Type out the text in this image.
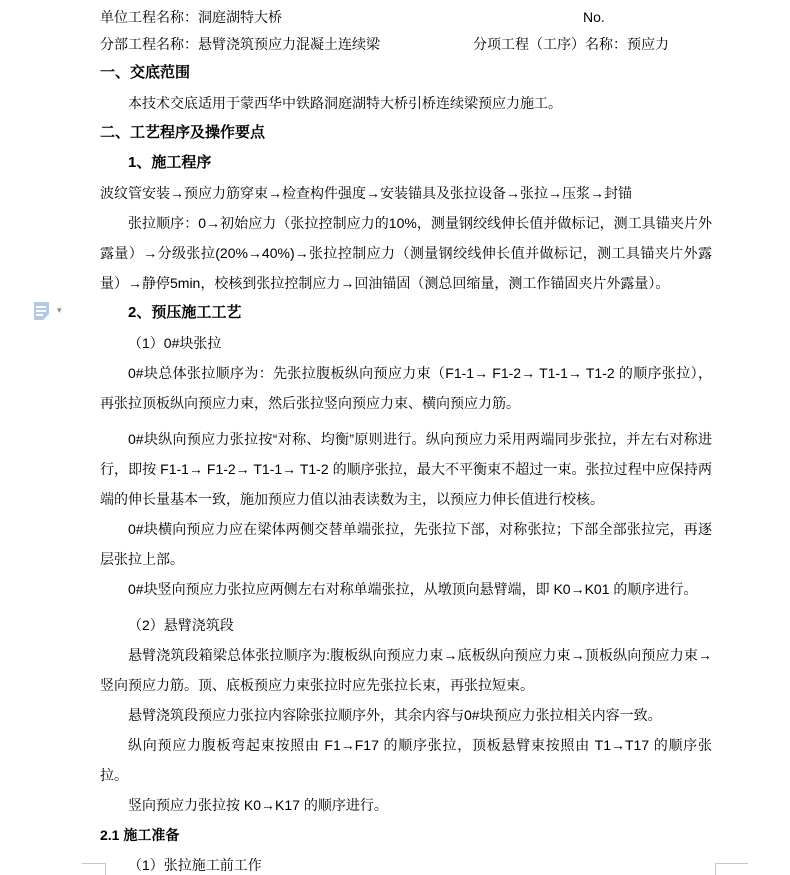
单位工程名称：洞庭湖特大桥	No.
分部工程名称：悬臂浇筑预应力混凝土连续梁	分项工程（工序）名称：预应力
一、交底范围

本技术交底适用于蒙西华中铁路洞庭湖特大桥引桥连续梁预应力施工。

二、工艺程序及操作要点
1、施工程序

波纹管安装→预应力筋穿束→检查构件强度→安装锚具及张拉设备→张拉→压浆→封锚

张拉顺序：0→初始应力（张拉控制应力的10%，测量钢绞线伸长值并做标记，测工具锚夹片外露量）→分级张拉(20%→40%)→张拉控制应力（测量钢绞线伸长值并做标记，测工具锚夹片外露量）→静停5min，校核到张拉控制应力→回油锚固（测总回缩量，测工作锚固夹片外露量）。

▾	2、预压施工工艺

（1）0#块张拉

0#块总体张拉顺序为：先张拉腹板纵向预应力束（F1-1→ F1-2→ T1-1→ T1-2 的顺序张拉），再张拉顶板纵向预应力束，然后张拉竖向预应力束、横向预应力筋。

0#块纵向预应力张拉按“对称、均衡”原则进行。纵向预应力采用两端同步张拉，并左右对称进行，即按 F1-1→ F1-2→ T1-1→ T1-2 的顺序张拉，最大不平衡束不超过一束。张拉过程中应保持两端的伸长量基本一致，施加预应力值以油表读数为主，以预应力伸长值进行校核。

0#块横向预应力应在梁体两侧交替单端张拉，先张拉下部，对称张拉；下部全部张拉完，再逐层张拉上部。

0#块竖向预应力张拉应两侧左右对称单端张拉，从墩顶向悬臂端，即 K0→K01 的顺序进行。

（2）悬臂浇筑段

悬臂浇筑段箱梁总体张拉顺序为:腹板纵向预应力束→底板纵向预应力束→顶板纵向预应力束→竖向预应力筋。顶、底板预应力束张拉时应先张拉长束，再张拉短束。

悬臂浇筑段预应力张拉内容除张拉顺序外，其余内容与0#块预应力张拉相关内容一致。

纵向预应力腹板弯起束按照由 F1→F17 的顺序张拉，顶板悬臂束按照由 T1→T17 的顺序张拉。

竖向预应力张拉按 K0→K17 的顺序进行。

2.1 施工准备

（1）张拉施工前工作
